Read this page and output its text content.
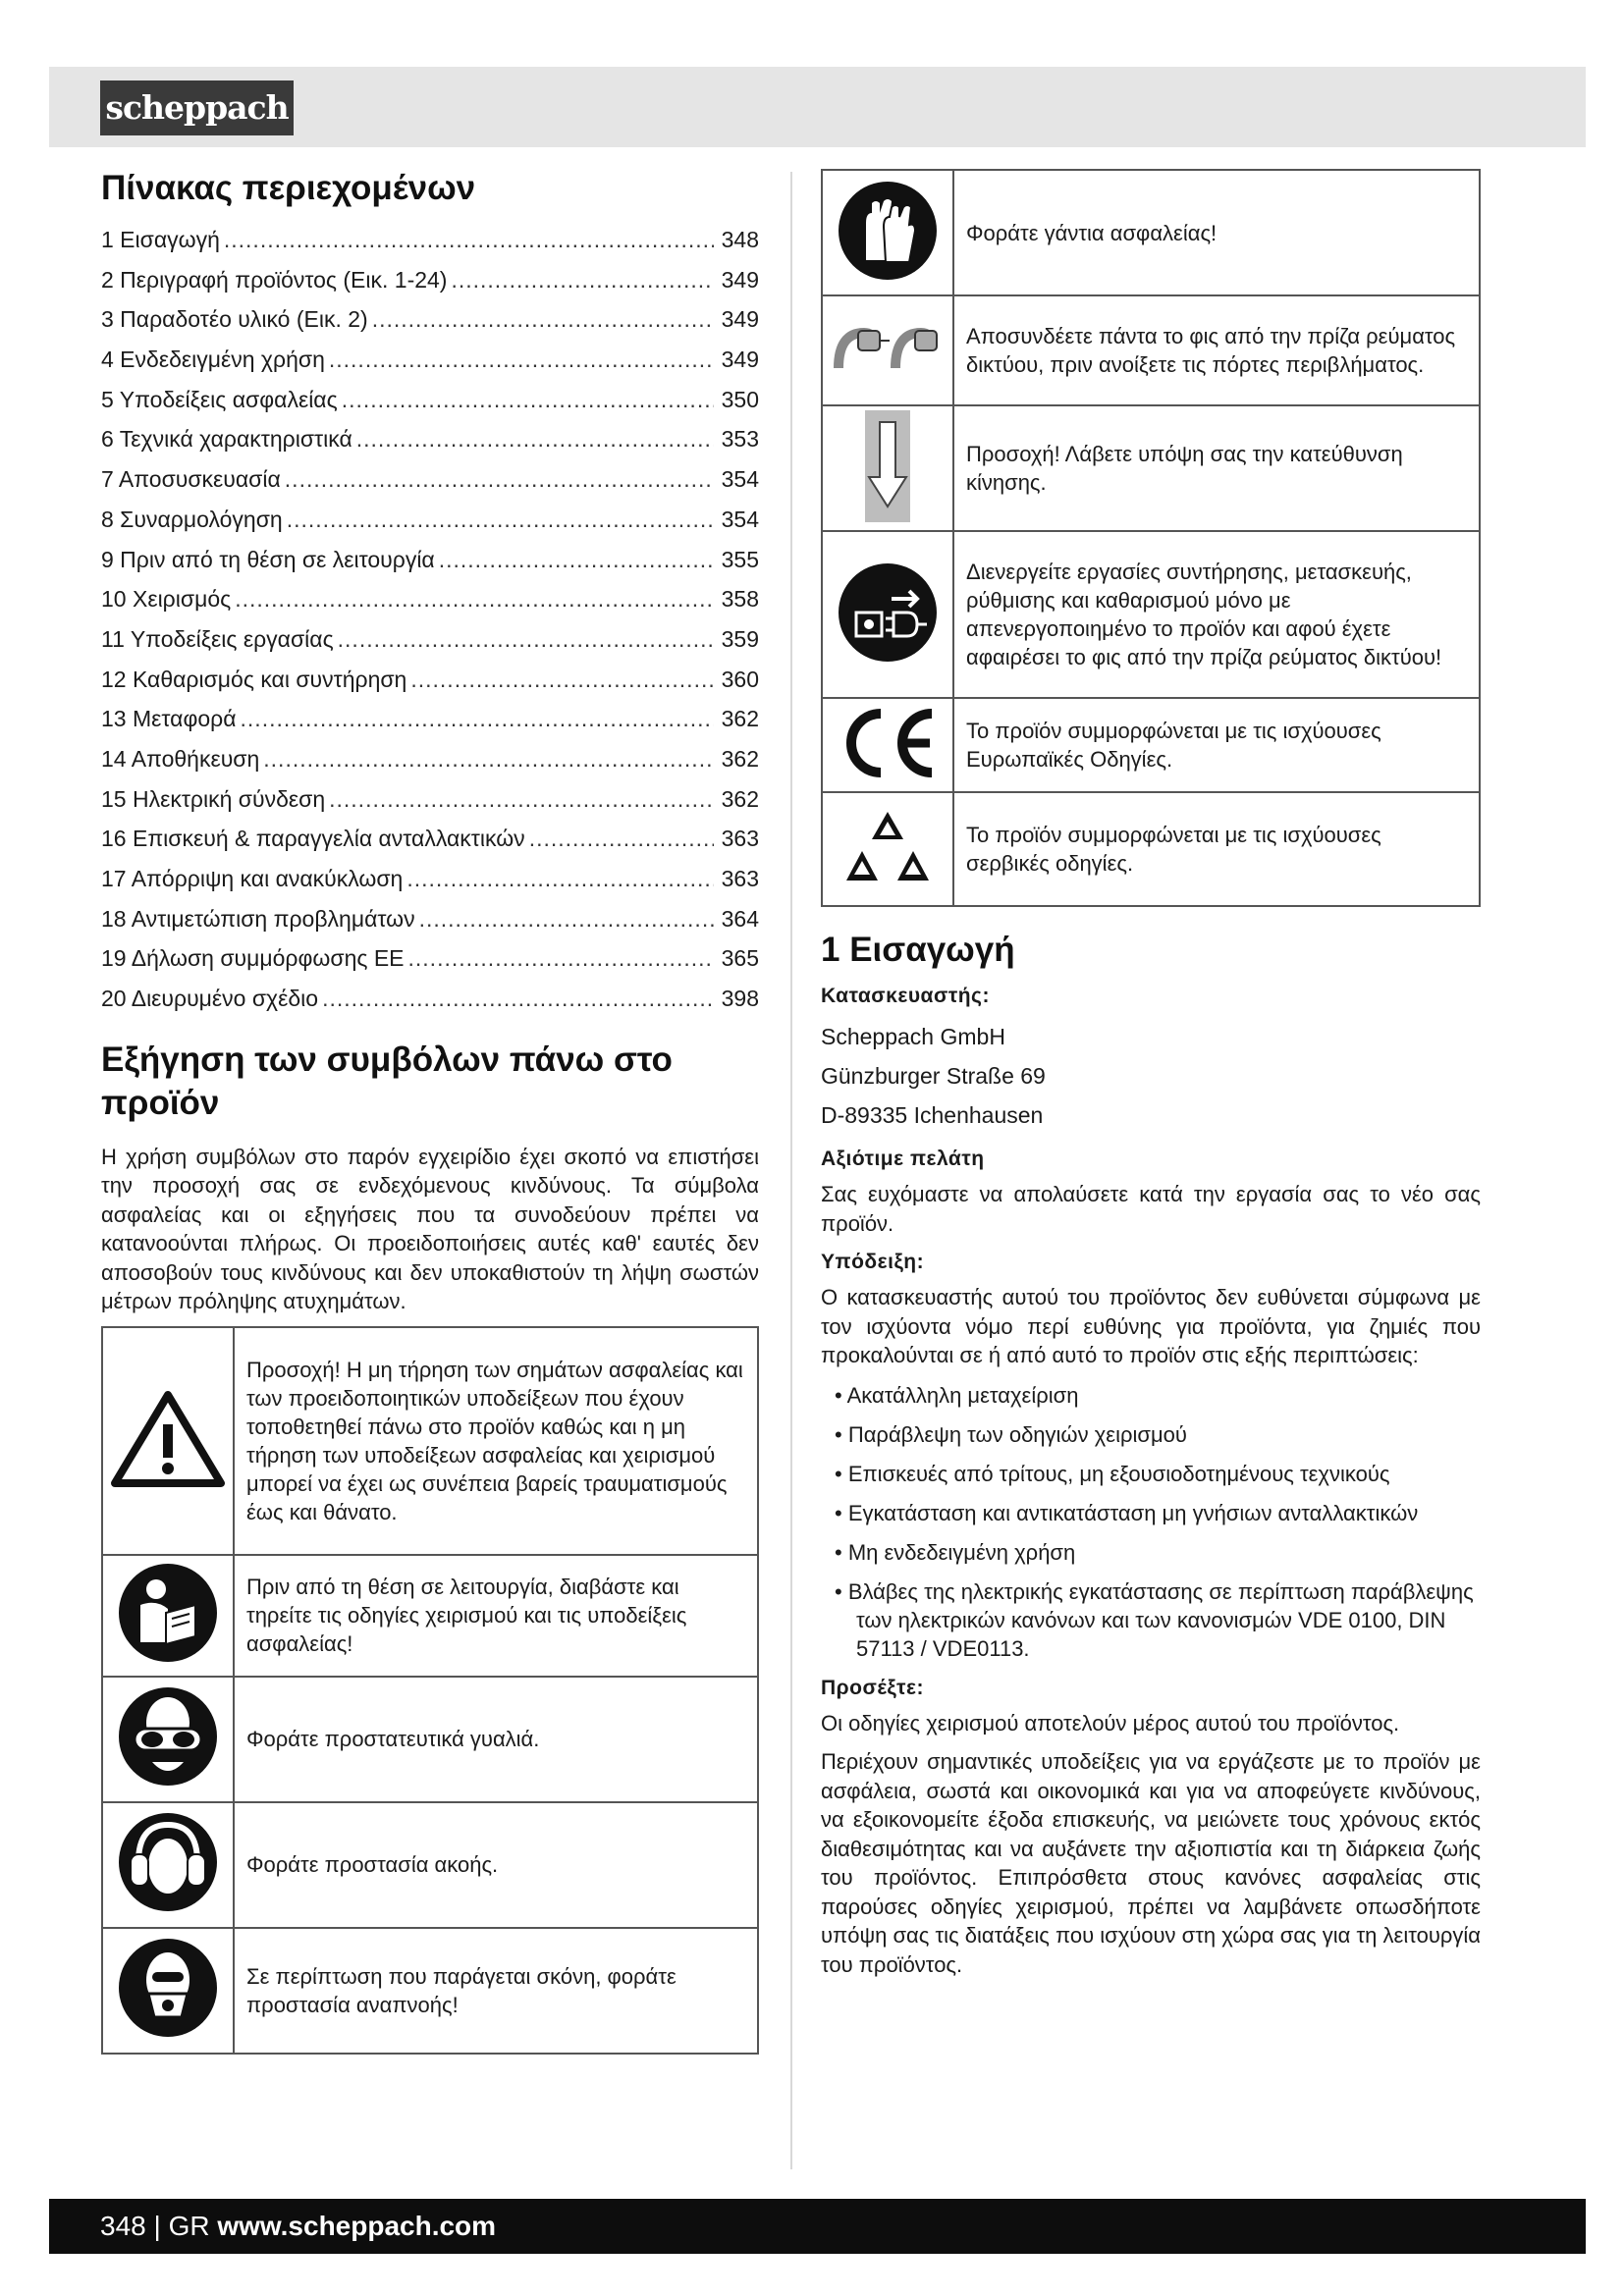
scheppach
Πίνακας περιεχομένων
1 Εισαγωγή .....	348
2 Περιγραφή προϊόντος (Εικ. 1-24) .....	349
3 Παραδοτέο υλικό (Εικ. 2) .....	349
4 Ενδεδειγμένη χρήση .....	349
5 Υποδείξεις ασφαλείας .....	350
6 Τεχνικά χαρακτηριστικά .....	353
7 Αποσυσκευασία .....	354
8 Συναρμολόγηση .....	354
9 Πριν από τη θέση σε λειτουργία .....	355
10 Χειρισμός .....	358
11 Υποδείξεις εργασίας .....	359
12 Καθαρισμός και συντήρηση .....	360
13 Μεταφορά .....	362
14 Αποθήκευση .....	362
15 Ηλεκτρική σύνδεση .....	362
16 Επισκευή & παραγγελία ανταλλακτικών .....	363
17 Απόρριψη και ανακύκλωση .....	363
18 Αντιμετώπιση προβλημάτων .....	364
19 Δήλωση συμμόρφωσης ΕΕ .....	365
20 Διευρυμένο σχέδιο .....	398
Εξήγηση των συμβόλων πάνω στο προϊόν
Η χρήση συμβόλων στο παρόν εγχειρίδιο έχει σκοπό να επιστήσει την προσοχή σας σε ενδεχόμενους κινδύνους. Τα σύμβολα ασφαλείας και οι εξηγήσεις που τα συνοδεύουν πρέπει να κατανοούνται πλήρως. Οι προειδοποιήσεις αυτές καθ' εαυτές δεν αποσοβούν τους κινδύνους και δεν υποκαθιστούν τη λήψη σωστών μέτρων πρόληψης ατυχημάτων.
	Προσοχή! Η μη τήρηση των σημάτων ασφαλείας και των προειδοποιητικών υποδείξεων που έχουν τοποθετηθεί πάνω στο προϊόν καθώς και η μη τήρηση των υποδείξεων ασφαλείας και χειρισμού μπορεί να έχει ως συνέπεια βαρείς τραυματισμούς έως και θάνατο.
	Πριν από τη θέση σε λειτουργία, διαβάστε και τηρείτε τις οδηγίες χειρισμού και τις υποδείξεις ασφαλείας!
	Φοράτε προστατευτικά γυαλιά.
	Φοράτε προστασία ακοής.
	Σε περίπτωση που παράγεται σκόνη, φοράτε προστασία αναπνοής!
	Φοράτε γάντια ασφαλείας!
	Αποσυνδέετε πάντα το φις από την πρίζα ρεύματος δικτύου, πριν ανοίξετε τις πόρτες περιβλήματος.
	Προσοχή! Λάβετε υπόψη σας την κατεύθυνση κίνησης.
	Διενεργείτε εργασίες συντήρησης, μετασκευής, ρύθμισης και καθαρισμού μόνο με απενεργοποιημένο το προϊόν και αφού έχετε αφαιρέσει το φις από την πρίζα ρεύματος δικτύου!
	Το προϊόν συμμορφώνεται με τις ισχύουσες Ευρωπαϊκές Οδηγίες.
	Το προϊόν συμμορφώνεται με τις ισχύουσες σερβικές οδηγίες.
1 Εισαγωγή
Κατασκευαστής:
Scheppach GmbH
Günzburger Straße 69
D-89335 Ichenhausen
Αξιότιμε πελάτη
Σας ευχόμαστε να απολαύσετε κατά την εργασία σας το νέο σας προϊόν.
Υπόδειξη:
Ο κατασκευαστής αυτού του προϊόντος δεν ευθύνεται σύμφωνα με τον ισχύοντα νόμο περί ευθύνης για προϊόντα, για ζημιές που προκαλούνται σε ή από αυτό το προϊόν στις εξής περιπτώσεις:
• Ακατάλληλη μεταχείριση
• Παράβλεψη των οδηγιών χειρισμού
• Επισκευές από τρίτους, μη εξουσιοδοτημένους τεχνικούς
• Εγκατάσταση και αντικατάσταση μη γνήσιων ανταλλακτικών
• Μη ενδεδειγμένη χρήση
• Βλάβες της ηλεκτρικής εγκατάστασης σε περίπτωση παράβλεψης των ηλεκτρικών κανόνων και των κανονισμών VDE 0100, DIN 57113 / VDE0113.
Προσέξτε:
Οι οδηγίες χειρισμού αποτελούν μέρος αυτού του προϊόντος.
Περιέχουν σημαντικές υποδείξεις για να εργάζεστε με το προϊόν με ασφάλεια, σωστά και οικονομικά και για να αποφεύγετε κινδύνους, να εξοικονομείτε έξοδα επισκευής, να μειώνετε τους χρόνους εκτός διαθεσιμότητας και να αυξάνετε την αξιοπιστία και τη διάρκεια ζωής του προϊόντος. Επιπρόσθετα στους κανόνες ασφαλείας στις παρούσες οδηγίες χειρισμού, πρέπει να λαμβάνετε οπωσδήποτε υπόψη σας τις διατάξεις που ισχύουν στη χώρα σας για τη λειτουργία του προϊόντος.
348 | GR www.scheppach.com
